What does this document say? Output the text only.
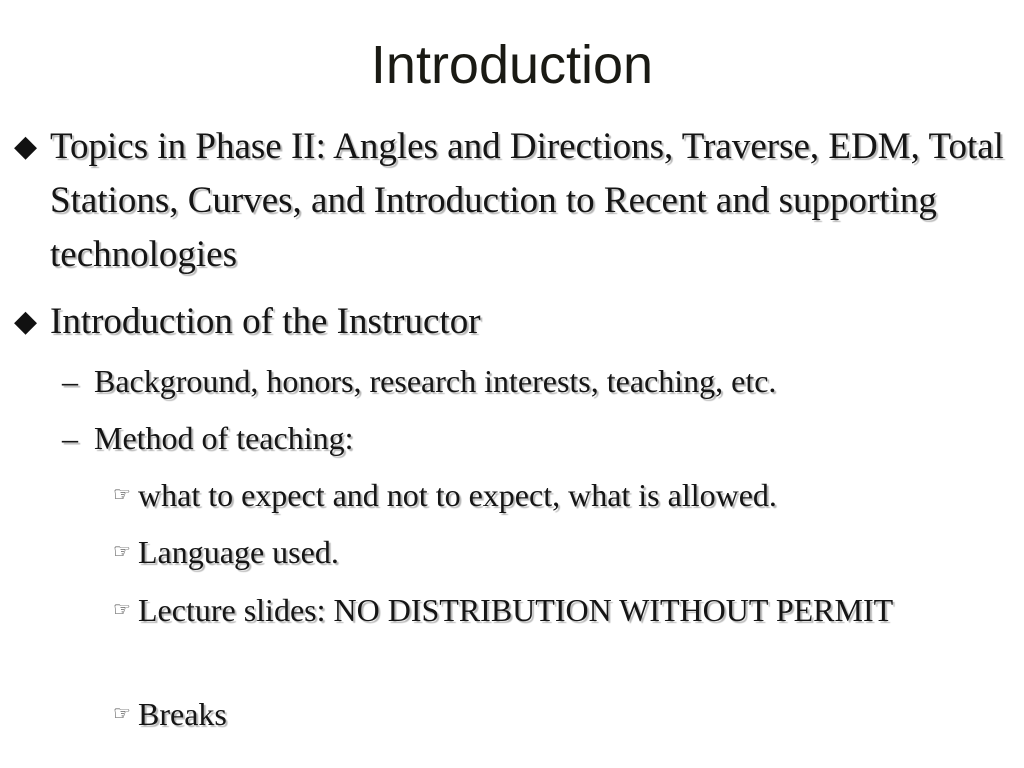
Introduction
◆ Topics in Phase II: Angles and Directions, Traverse, EDM, Total Stations, Curves, and Introduction to Recent and supporting technologies
◆ Introduction of the Instructor
– Background, honors, research interests, teaching, etc.
– Method of teaching:
☞ what to expect and not to expect, what is allowed.
☞ Language used.
☞ Lecture slides: NO DISTRIBUTION WITHOUT PERMIT
☞ Breaks
